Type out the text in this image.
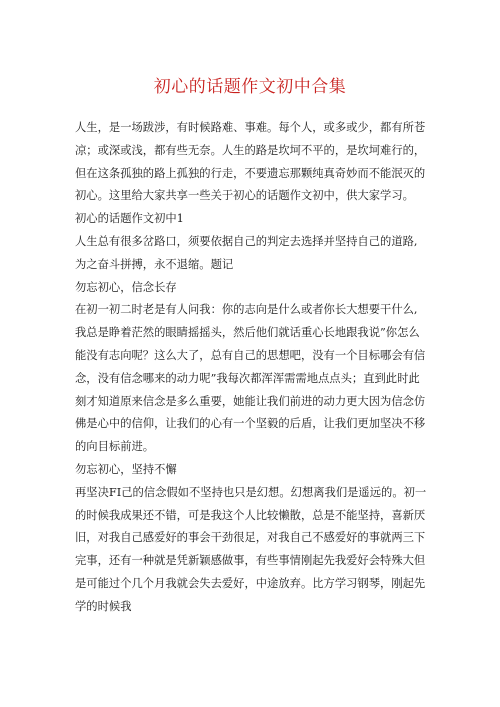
初心的话题作文初中合集

人生，是一场跋涉，有时候路难、事难。每个人，或多或少，都有所苍凉；或深或浅，都有些无奈。人生的路是坎坷不平的，是坎坷难行的，但在这条孤独的路上孤独的行走，不要遗忘那颗纯真奇妙而不能泯灭的初心。这里给大家共享一些关于初心的话题作文初中，供大家学习。

初心的话题作文初中1

人生总有很多岔路口，须要依据自己的判定去选择并坚持自己的道路,为之奋斗拼搏，永不退缩。题记

勿忘初心，信念长存

在初一初二时老是有人问我：你的志向是什么或者你长大想要干什么,我总是睁着茫然的眼睛摇摇头，然后他们就话重心长地跟我说”你怎么能没有志向呢？这么大了，总有自己的思想吧，没有一个目标哪会有信念，没有信念哪来的动力呢”我每次都浑浑需需地点点头；直到此时此刻才知道原来信念是多么重要，她能让我们前进的动力更大因为信念仿佛是心中的信仰，让我们的心有一个坚毅的后盾，让我们更加坚决不移的向目标前进。

勿忘初心，坚持不懈

再坚决FI己的信念假如不坚持也只是幻想。幻想离我们是遥远的。初一的时候我成果还不错，可是我这个人比较懒散，总是不能坚持，喜新厌旧，对我自己感爱好的事会干劲很足，对我自己不感爱好的事就两三下完事，还有一种就是凭新颖感做事，有些事情刚起先我爱好会特殊大但是可能过个几个月我就会失去爱好，中途放弃。比方学习钢琴，刚起先学的时候我
